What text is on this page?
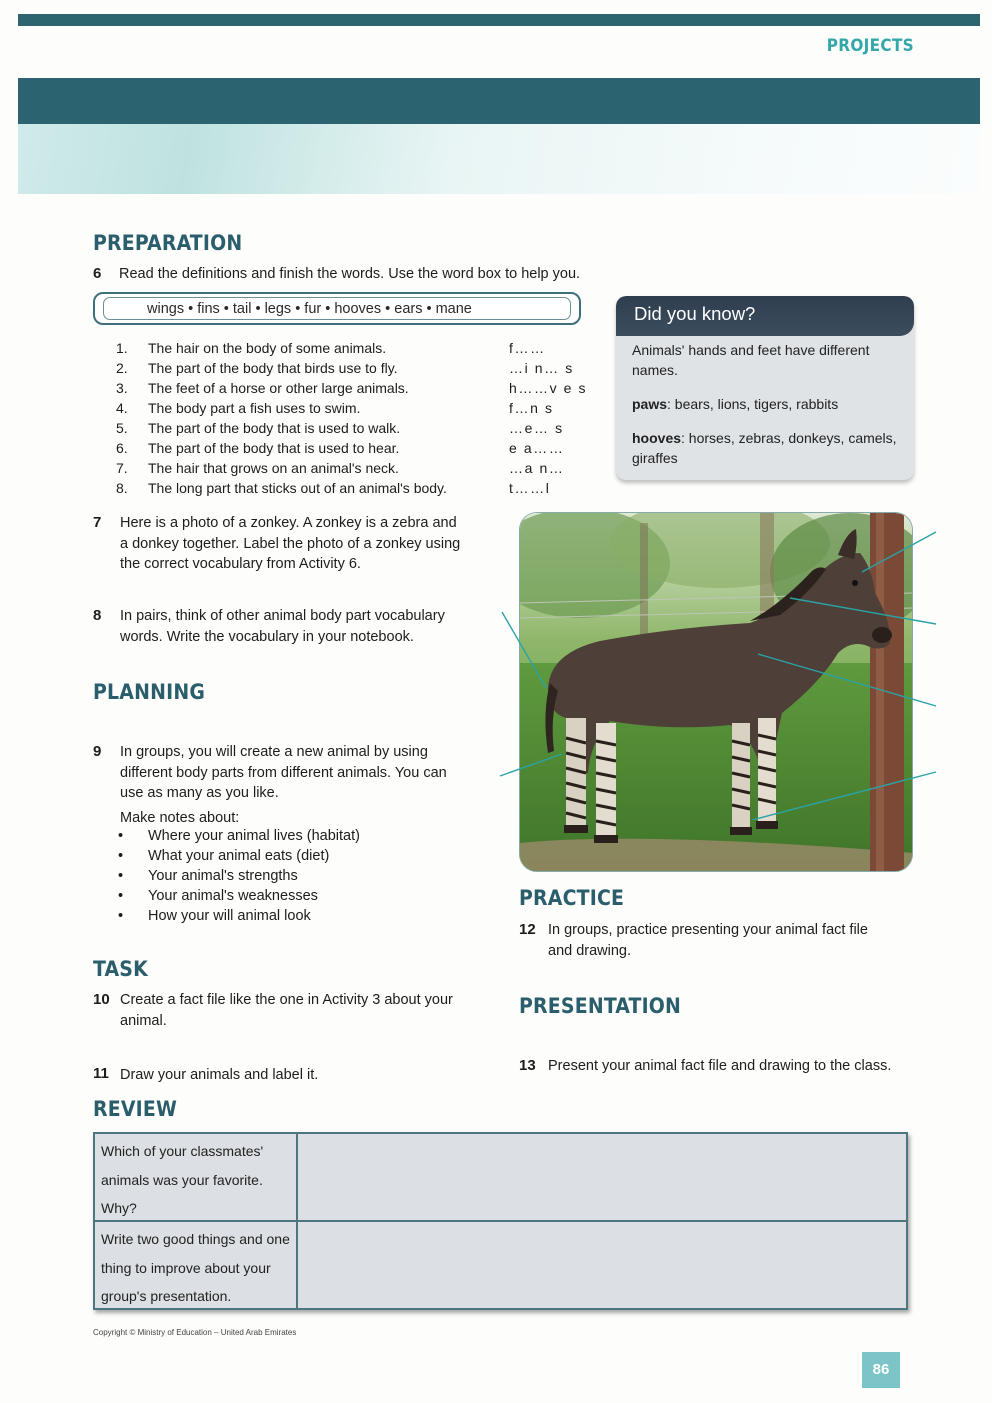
PROJECTS
PREPARATION
6 Read the definitions and finish the words. Use the word box to help you.
wings • fins • tail • legs • fur • hooves • ears • mane
1. The hair on the body of some animals.
2. The part of the body that birds use to fly.
3. The feet of a horse or other large animals.
4. The body part a fish uses to swim.
5. The part of the body that is used to walk.
6. The part of the body that is used to hear.
7. The hair that grows on an animal's neck.
8. The long part that sticks out of an animal's body.
f……
…i n… s
h……v e s
f…n s
…e… s
e a……
…a n…
t……l
Did you know?
Animals' hands and feet have different
names.
paws: bears, lions, tigers, rabbits
hooves: horses, zebras, donkeys, camels,
giraffes
7 Here is a photo of a zonkey. A zonkey is a zebra and
a donkey together. Label the photo of a zonkey using
the correct vocabulary from Activity 6.
8 In pairs, think of other animal body part vocabulary
words. Write the vocabulary in your notebook.
PLANNING
9 In groups, you will create a new animal by using
different body parts from different animals. You can
use as many as you like.
Make notes about:
• Where your animal lives (habitat)
• What your animal eats (diet)
• Your animal's strengths
• Your animal's weaknesses
• How your will animal look
TASK
10 Create a fact file like the one in Activity 3 about your
animal.
11 Draw your animals and label it.
PRACTICE
12 In groups, practice presenting your animal fact file
and drawing.
PRESENTATION
13 Present your animal fact file and drawing to the class.
REVIEW
Which of your classmates'
animals was your favorite.
Why?
Write two good things and one
thing to improve about your
group's presentation.
Copyright © Ministry of Education – United Arab Emirates
86
